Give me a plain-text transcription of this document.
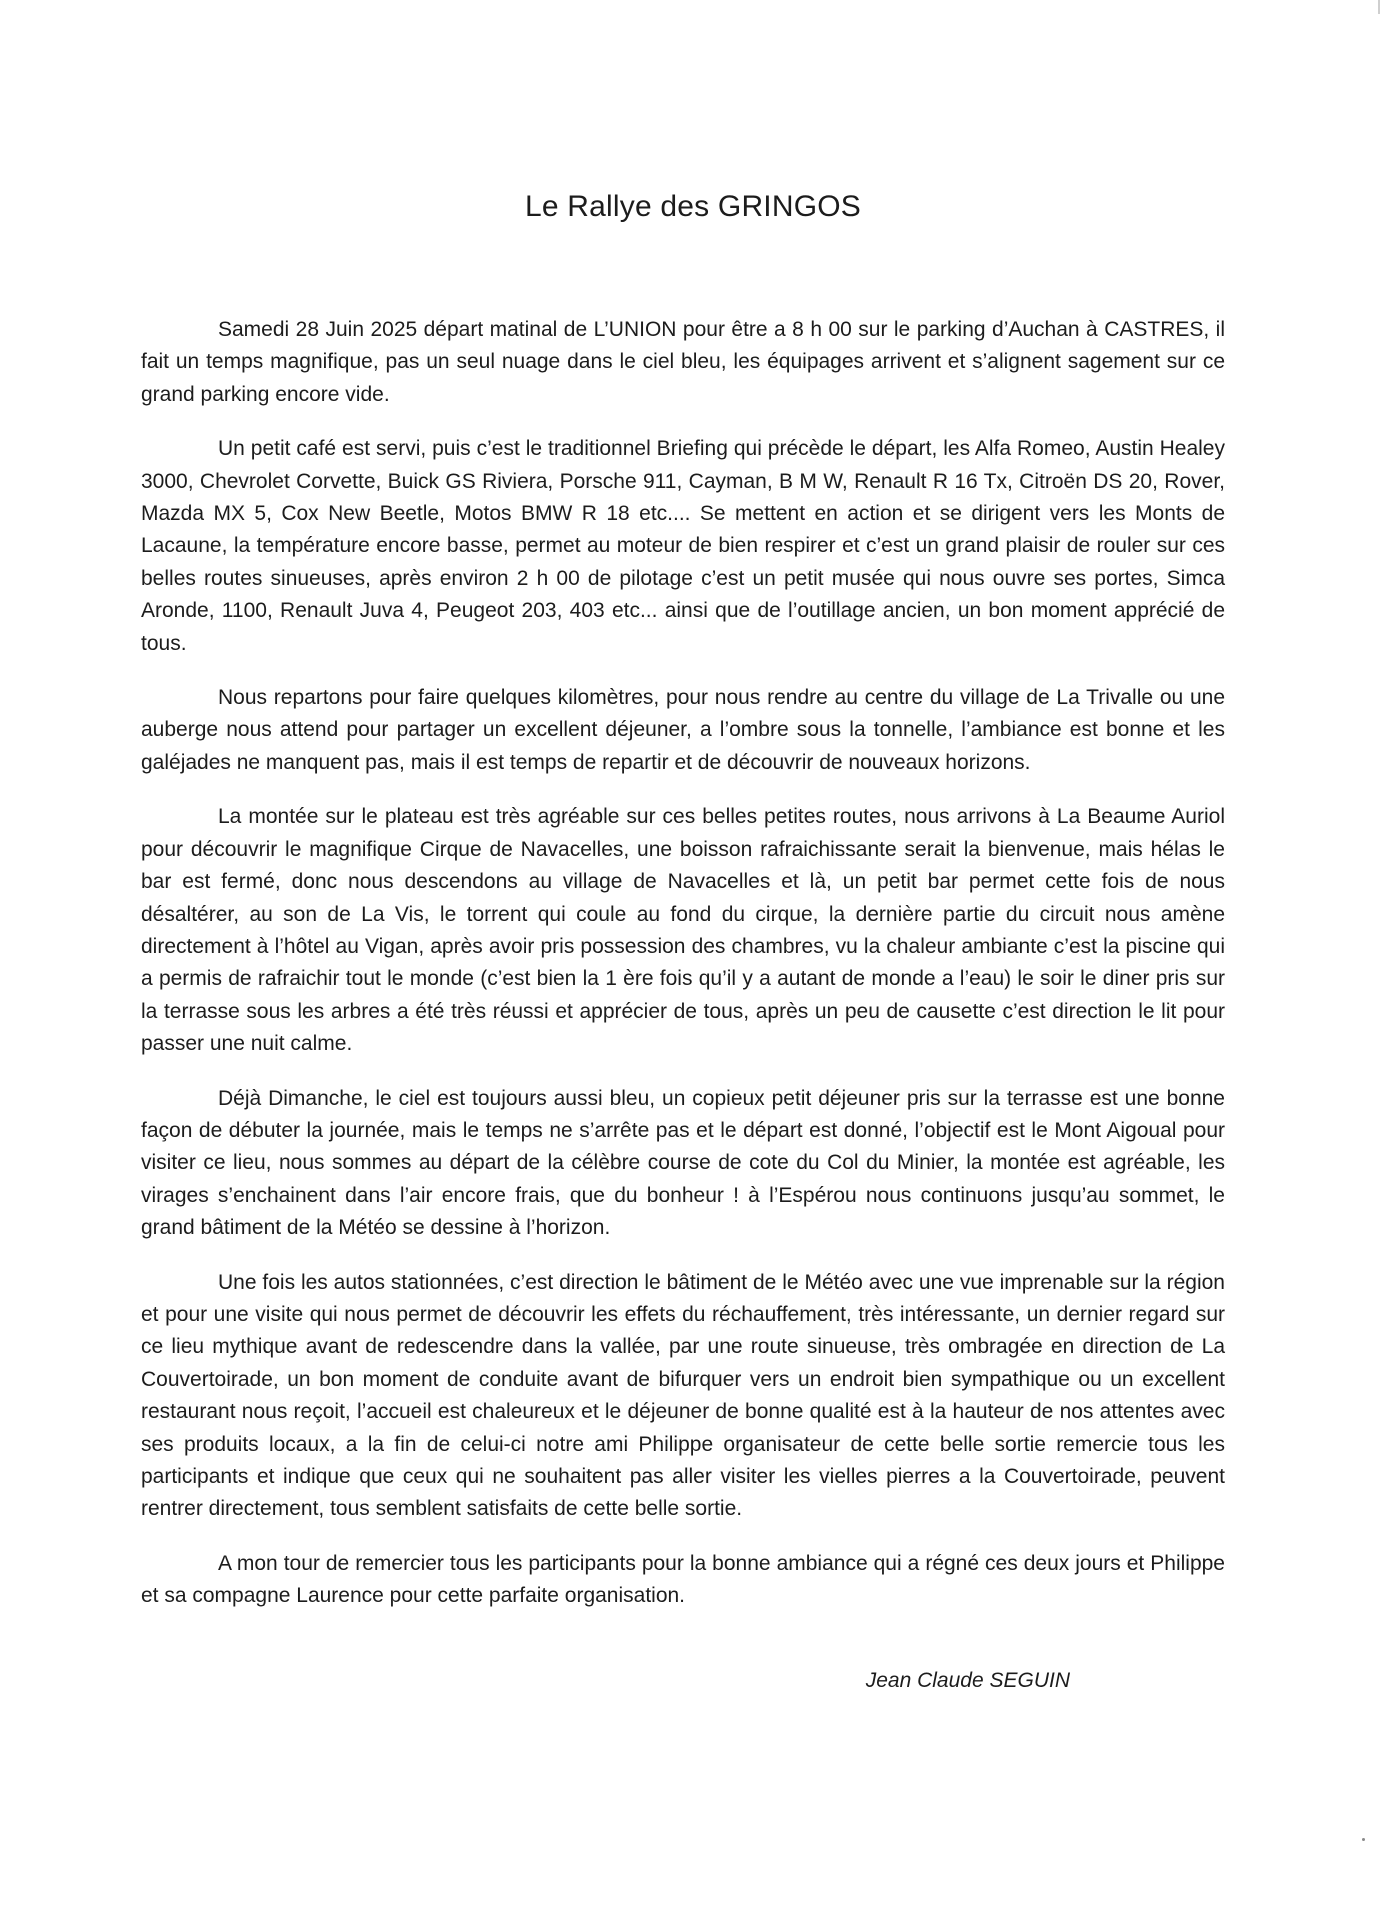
Le Rallye des GRINGOS

Samedi 28 Juin 2025 départ matinal de L’UNION pour être a 8 h 00 sur le parking d’Auchan à CASTRES, il fait un temps magnifique, pas un seul nuage dans le ciel bleu, les équipages arrivent et s’alignent sagement sur ce grand parking encore vide.

Un petit café est servi, puis c’est le traditionnel Briefing qui précède le départ, les Alfa Romeo, Austin Healey 3000, Chevrolet Corvette, Buick GS Riviera, Porsche 911, Cayman, B M W, Renault R 16 Tx, Citroën DS 20, Rover, Mazda MX 5, Cox New Beetle, Motos BMW R 18 etc.... Se mettent en action et se dirigent vers les Monts de Lacaune, la température encore basse, permet au moteur de bien respirer et c’est un grand plaisir de rouler sur ces belles routes sinueuses, après environ 2 h 00 de pilotage c’est un petit musée qui nous ouvre ses portes, Simca Aronde, 1100, Renault Juva 4, Peugeot 203, 403 etc... ainsi que de l’outillage ancien, un bon moment apprécié de tous.

Nous repartons pour faire quelques kilomètres, pour nous rendre au centre du village de La Trivalle ou une auberge nous attend pour partager un excellent déjeuner, a l’ombre sous la tonnelle, l’ambiance est bonne et les galéjades ne manquent pas, mais il est temps de repartir et de découvrir de nouveaux horizons.

La montée sur le plateau est très agréable sur ces belles petites routes, nous arrivons à La Beaume Auriol pour découvrir le magnifique Cirque de Navacelles, une boisson rafraichissante serait la bienvenue, mais hélas le bar est fermé, donc nous descendons au village de Navacelles et là, un petit bar permet cette fois de nous désaltérer, au son de La Vis, le torrent qui coule au fond du cirque, la dernière partie du circuit nous amène directement à l’hôtel au Vigan, après avoir pris possession des chambres, vu la chaleur ambiante c’est la piscine qui a permis de rafraichir tout le monde (c’est bien la 1 ère fois qu’il y a autant de monde a l’eau) le soir le diner pris sur la terrasse sous les arbres a été très réussi et apprécier de tous, après un peu de causette c’est direction le lit pour passer une nuit calme.

Déjà Dimanche, le ciel est toujours aussi bleu, un copieux petit déjeuner pris sur la terrasse est une bonne façon de débuter la journée, mais le temps ne s’arrête pas et le départ est donné, l’objectif est le Mont Aigoual pour visiter ce lieu, nous sommes au départ de la célèbre course de cote du Col du Minier, la montée est agréable, les virages s’enchainent dans l’air encore frais, que du bonheur ! à l’Espérou nous continuons jusqu’au sommet, le grand bâtiment de la Météo se dessine à l’horizon.

Une fois les autos stationnées, c’est direction le bâtiment de le Météo avec une vue imprenable sur la région et pour une visite qui nous permet de découvrir les effets du réchauffement, très intéressante, un dernier regard sur ce lieu mythique avant de redescendre dans la vallée, par une route sinueuse, très ombragée en direction de La Couvertoirade, un bon moment de conduite avant de bifurquer vers un endroit bien sympathique ou un excellent restaurant nous reçoit, l’accueil est chaleureux et le déjeuner de bonne qualité est à la hauteur de nos attentes avec ses produits locaux, a la fin de celui-ci notre ami Philippe organisateur de cette belle sortie remercie tous les participants et indique que ceux qui ne souhaitent pas aller visiter les vielles pierres a la Couvertoirade, peuvent rentrer directement, tous semblent satisfaits de cette belle sortie.

A mon tour de remercier tous les participants pour la bonne ambiance qui a régné ces deux jours et Philippe et sa compagne Laurence pour cette parfaite organisation.

Jean Claude SEGUIN
